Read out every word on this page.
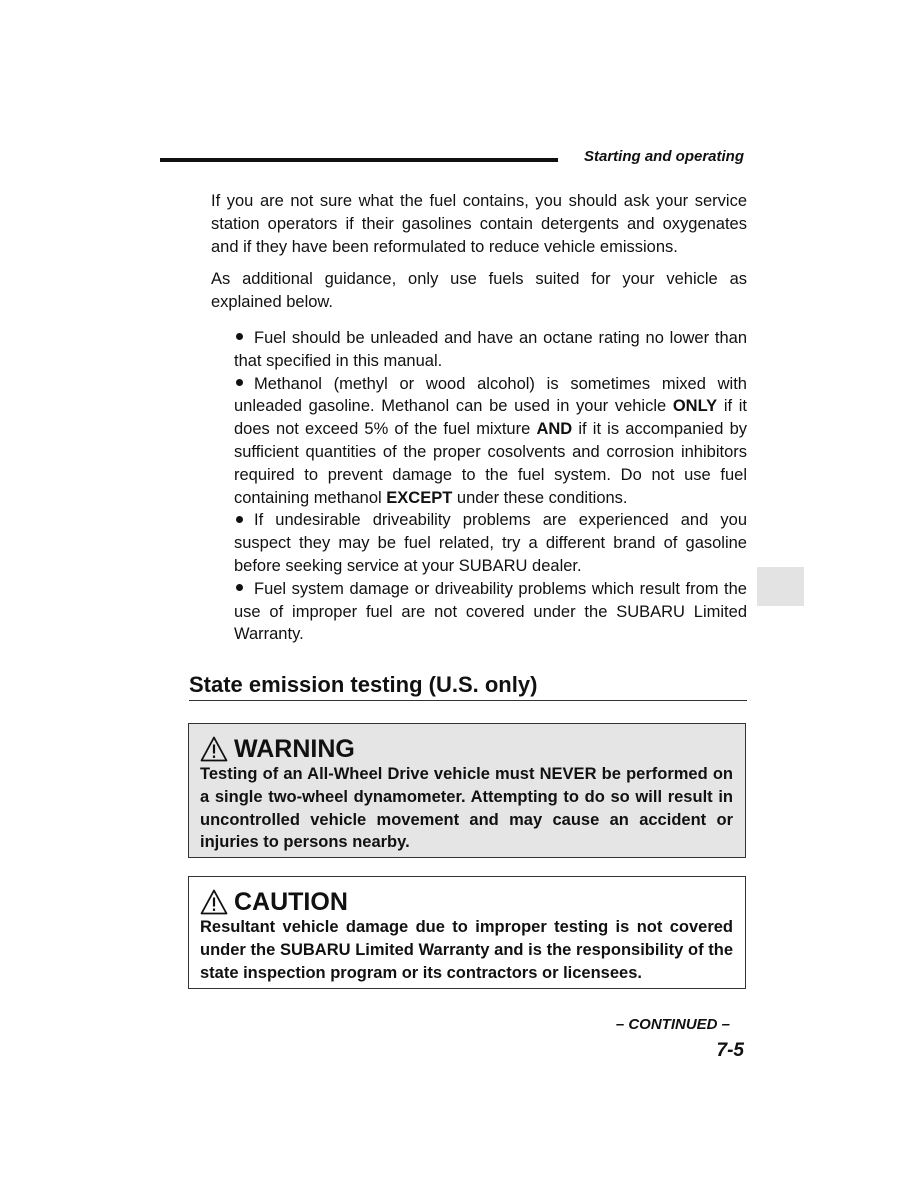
Starting and operating

If you are not sure what the fuel contains, you should ask your service station operators if their gasolines contain detergents and oxygenates and if they have been reformulated to reduce vehicle emissions.

As additional guidance, only use fuels suited for your vehicle as explained below.

Fuel should be unleaded and have an octane rating no lower than that specified in this manual.

Methanol (methyl or wood alcohol) is sometimes mixed with unleaded gasoline. Methanol can be used in your vehicle ONLY if it does not exceed 5% of the fuel mixture AND if it is accompanied by sufficient quantities of the proper cosolvents and corrosion inhibitors required to prevent damage to the fuel system. Do not use fuel containing methanol EXCEPT under these conditions.

If undesirable driveability problems are experienced and you suspect they may be fuel related, try a different brand of gasoline before seeking service at your SUBARU dealer.

Fuel system damage or driveability problems which result from the use of improper fuel are not covered under the SUBARU Limited Warranty.

State emission testing (U.S. only)
WARNING
Testing of an All-Wheel Drive vehicle must NEVER be performed on a single two-wheel dynamometer. Attempting to do so will result in uncontrolled vehicle movement and may cause an accident or injuries to persons nearby.
CAUTION
Resultant vehicle damage due to improper testing is not covered under the SUBARU Limited Warranty and is the responsibility of the state inspection program or its contractors or licensees.
– CONTINUED –
7-5
